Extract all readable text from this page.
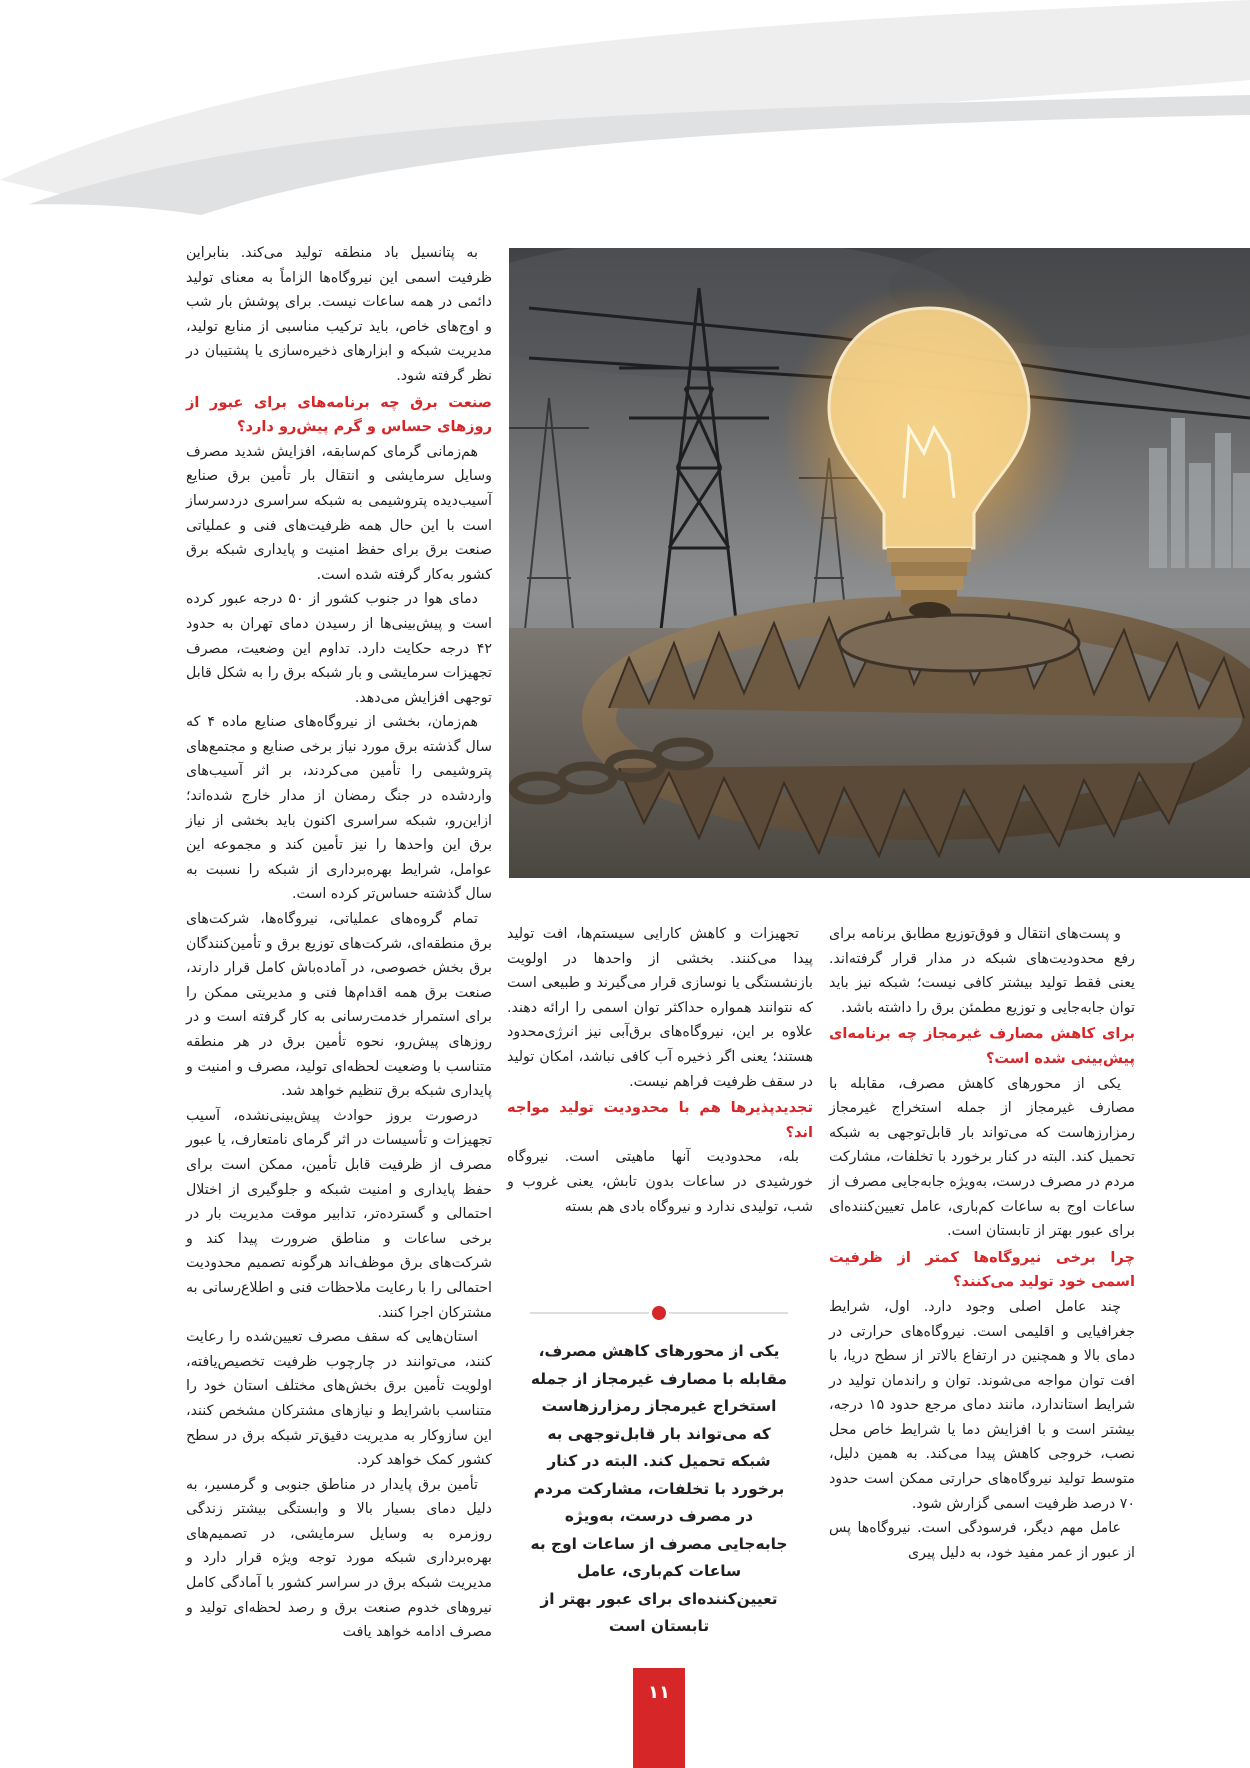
به پتانسیل باد منطقه تولید می‌کند. بنابراین ظرفیت اسمی این نیروگاه‌ها الزاماً به معنای تولید دائمی در همه ساعات نیست. برای پوشش بار شب و اوج‌های خاص، باید ترکیب مناسبی از منابع تولید، مدیریت شبکه و ابزارهای ذخیره‌سازی یا پشتیبان در نظر گرفته شود.

صنعت برق چه برنامه‌های برای عبور از روزهای حساس و گرم پیش‌رو دارد؟

هم‌زمانی گرمای کم‌سابقه، افزایش شدید مصرف وسایل سرمایشی و انتقال بار تأمین برق صنایع آسیب‌دیده پتروشیمی به شبکه سراسری دردسرساز است با این حال همه ظرفیت‌های فنی و عملیاتی صنعت برق برای حفظ امنیت و پایداری شبکه برق کشور به‌کار گرفته شده است.

دمای هوا در جنوب کشور از ۵۰ درجه عبور کرده است و پیش‌بینی‌ها از رسیدن دمای تهران به حدود ۴۲ درجه حکایت دارد. تداوم این وضعیت، مصرف تجهیزات سرمایشی و بار شبکه برق را به شکل قابل توجهی افزایش می‌دهد.

هم‌زمان، بخشی از نیروگاه‌های صنایع ماده ۴ که سال گذشته برق مورد نیاز برخی صنایع و مجتمع‌های پتروشیمی را تأمین می‌کردند، بر اثر آسیب‌های واردشده در جنگ رمضان از مدار خارج شده‌اند؛ ازاین‌رو، شبکه سراسری اکنون باید بخشی از نیاز برق این واحدها را نیز تأمین کند و مجموعه این عوامل، شرایط بهره‌برداری از شبکه را نسبت به سال گذشته حساس‌تر کرده است.

تمام گروه‌های عملیاتی، نیروگاه‌ها، شرکت‌های برق منطقه‌ای، شرکت‌های توزیع برق و تأمین‌کنندگان برق بخش خصوصی، در آماده‌باش کامل قرار دارند، صنعت برق همه اقدام‌ها فنی و مدیریتی ممکن را برای استمرار خدمت‌رسانی به کار گرفته است و در روزهای پیش‌رو، نحوه تأمین برق در هر منطقه متناسب با وضعیت لحظه‌ای تولید، مصرف و امنیت و پایداری شبکه برق تنظیم خواهد شد.

درصورت بروز حوادث پیش‌بینی‌نشده، آسیب تجهیزات و تأسیسات در اثر گرمای نامتعارف، یا عبور مصرف از ظرفیت قابل تأمین، ممکن است برای حفظ پایداری و امنیت شبکه و جلوگیری از اختلال احتمالی و گسترده‌تر، تدابیر موقت مدیریت بار در برخی ساعات و مناطق ضرورت پیدا کند و شرکت‌های برق موظف‌اند هرگونه تصمیم محدودیت احتمالی را با رعایت ملاحظات فنی و اطلاع‌رسانی به مشترکان اجرا کنند.

استان‌هایی که سقف مصرف تعیین‌شده را رعایت کنند، می‌توانند در چارچوب ظرفیت تخصیص‌یافته، اولویت تأمین برق بخش‌های مختلف استان خود را متناسب باشرایط و نیازهای مشترکان مشخص کنند، این سازوکار به مدیریت دقیق‌تر شبکه برق در سطح کشور کمک خواهد کرد.

تأمین برق پایدار در مناطق جنوبی و گرمسیر، به دلیل دمای بسیار بالا و وابستگی بیشتر زندگی روزمره به وسایل سرمایشی، در تصمیم‌های بهره‌برداری شبکه مورد توجه ویژه قرار دارد و مدیریت شبکه برق در سراسر کشور با آمادگی کامل نیروهای خدوم صنعت برق و رصد لحظه‌ای تولید و مصرف ادامه خواهد یافت

تجهیزات و کاهش کارایی سیستم‌ها، افت تولید پیدا می‌کنند. بخشی از واحدها در اولویت بازنشستگی یا نوسازی قرار می‌گیرند و طبیعی است که نتوانند همواره حداکثر توان اسمی را ارائه دهند. علاوه بر این، نیروگاه‌های برق‌آبی نیز انرژی‌محدود هستند؛ یعنی اگر ذخیره آب کافی نباشد، امکان تولید در سقف ظرفیت فراهم نیست.

تجدیدپذیرها هم با محدودیت تولید مواجه اند؟

بله، محدودیت آنها ماهیتی است. نیروگاه خورشیدی در ساعات بدون تابش، یعنی غروب و شب، تولیدی ندارد و نیروگاه بادی هم بسته

و پست‌های انتقال و فوق‌توزیع مطابق برنامه برای رفع محدودیت‌های شبکه در مدار قرار گرفته‌اند. یعنی فقط تولید بیشتر کافی نیست؛ شبکه نیز باید توان جابه‌جایی و توزیع مطمئن برق را داشته باشد.

برای کاهش مصارف غیرمجاز چه برنامه‌ای پیش‌بینی شده است؟

یکی از محورهای کاهش مصرف، مقابله با مصارف غیرمجاز از جمله استخراج غیرمجاز رمزارزهاست که می‌تواند بار قابل‌توجهی به شبکه تحمیل کند. البته در کنار برخورد با تخلفات، مشارکت مردم در مصرف درست، به‌ویژه جابه‌جایی مصرف از ساعات اوج به ساعات کم‌باری، عامل تعیین‌کننده‌ای برای عبور بهتر از تابستان است.

چرا برخی نیروگاه‌ها کمتر از ظرفیت اسمی خود تولید می‌کنند؟

چند عامل اصلی وجود دارد. اول، شرایط جغرافیایی و اقلیمی است. نیروگاه‌های حرارتی در دمای بالا و همچنین در ارتفاع بالاتر از سطح دریا، با افت توان مواجه می‌شوند. توان و راندمان تولید در شرایط استاندارد، مانند دمای مرجع حدود ۱۵ درجه، بیشتر است و با افزایش دما یا شرایط خاص محل نصب، خروجی کاهش پیدا می‌کند. به همین دلیل، متوسط تولید نیروگاه‌های حرارتی ممکن است حدود ۷۰ درصد ظرفیت اسمی گزارش شود.

عامل مهم دیگر، فرسودگی است. نیروگاه‌ها پس از عبور از عمر مفید خود، به دلیل پیری

یکی از محورهای کاهش مصرف، مقابله با مصارف غیرمجاز از جمله استخراج غیرمجاز رمزارزهاست که می‌تواند بار قابل‌توجهی به شبکه تحمیل کند. البته در کنار برخورد با تخلفات، مشارکت مردم در مصرف درست، به‌ویژه جابه‌جایی مصرف از ساعات اوج به ساعات کم‌باری، عامل تعیین‌کننده‌ای برای عبور بهتر از تابستان است
۱۱
